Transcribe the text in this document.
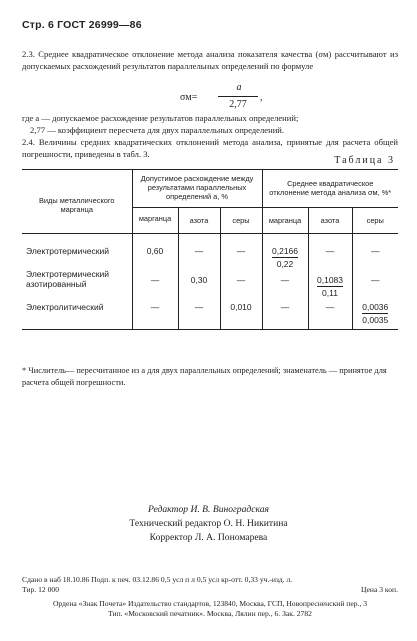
Стр. 6 ГОСТ 26999—86
2.3. Среднее квадратическое отклонение метода анализа показателя качества (σм) рассчитывают из допускаемых расхождений результатов параллельных определений по формуле
σм=
a
2,77
,
где a — допускаемое расхождение результатов параллельных определений;
2,77 — коэффициент пересчета для двух параллельных определений.
2.4. Величины средних квадратических отклонений метода анализа, принятые для расчета общей погрешности, приведены в табл. 3.
Таблица 3
Виды металлического марганца	Допустимое расхождение между результатами параллельных определений a, %			Среднее квадратическое отклонение метода анализа σм, %*		
	марганца	азота	серы	марганца	азота	серы
Электротермический	0,60	—	—	$\frac{0,2166}{0,22}$	—	—
Электротермический азотированный	—	0,30	—	—	$\frac{0,1083}{0,11}$	—
Электролитический	—	—	0,010	—	—	$\frac{0,0036}{0,0035}$
* Числитель— пересчитанное из a для двух параллельных определений; знаменатель — принятое для расчета общей погрешности.
Редактор И. В. Виноградская
Технический редактор О. Н. Никитина
Корректор Л. А. Пономарева
Сдано в наб 18.10.86 Подп. к печ. 03.12.86 0,5 усл п л 0,5 усл кр-отт. 0,33 уч.-изд. л.
Тир. 12 000	Цена 3 коп.
Ордена «Знак Почета» Издательство стандартов, 123840, Москва, ГСП, Новопресненский пер., 3
Тип. «Московский печатник». Москва, Лялин пер., 6. Зак. 2782
